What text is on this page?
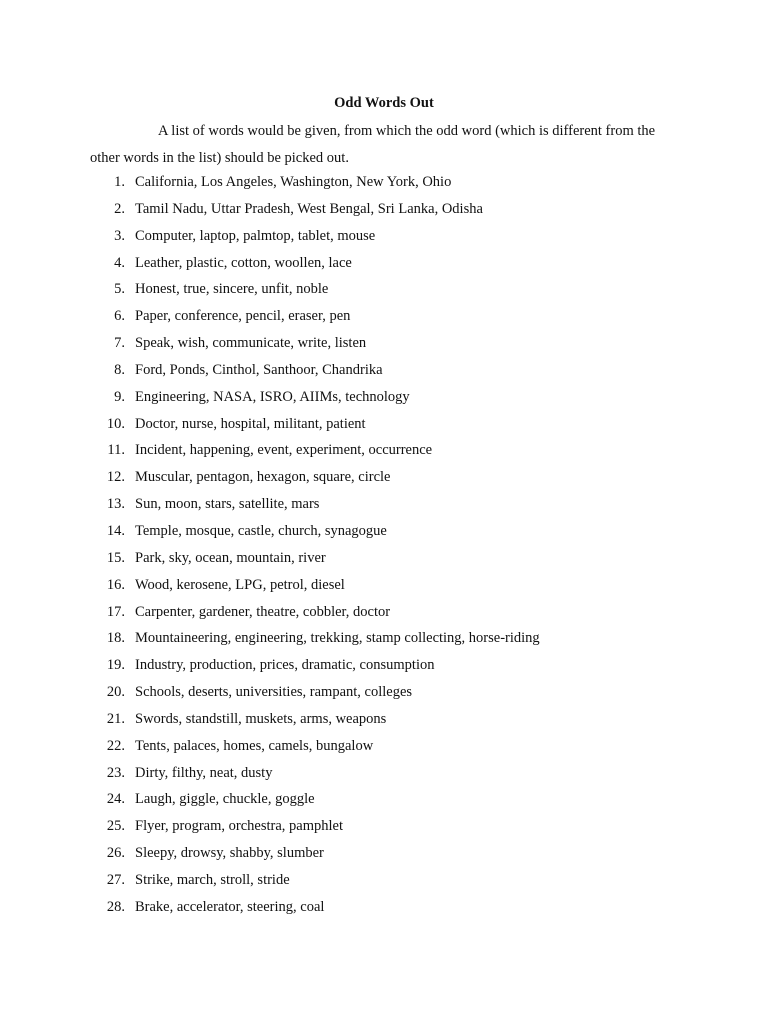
Odd Words Out

A list of words would be given, from which the odd word (which is different from the other words in the list) should be picked out.

1. California, Los Angeles, Washington, New York, Ohio
2. Tamil Nadu, Uttar Pradesh, West Bengal, Sri Lanka, Odisha
3. Computer, laptop, palmtop, tablet, mouse
4. Leather, plastic, cotton, woollen, lace
5. Honest, true, sincere, unfit, noble
6. Paper, conference, pencil, eraser, pen
7. Speak, wish, communicate, write, listen
8. Ford, Ponds, Cinthol, Santhoor, Chandrika
9. Engineering, NASA, ISRO, AIIMs, technology
10. Doctor, nurse, hospital, militant, patient
11. Incident, happening, event, experiment, occurrence
12. Muscular, pentagon, hexagon, square, circle
13. Sun, moon, stars, satellite, mars
14. Temple, mosque, castle, church, synagogue
15. Park, sky, ocean, mountain, river
16. Wood, kerosene, LPG, petrol, diesel
17. Carpenter, gardener, theatre, cobbler, doctor
18. Mountaineering, engineering, trekking, stamp collecting, horse-riding
19. Industry, production, prices, dramatic, consumption
20. Schools, deserts, universities, rampant, colleges
21. Swords, standstill, muskets, arms, weapons
22. Tents, palaces, homes, camels, bungalow
23. Dirty, filthy, neat, dusty
24. Laugh, giggle, chuckle, goggle
25. Flyer, program, orchestra, pamphlet
26. Sleepy, drowsy, shabby, slumber
27. Strike, march, stroll, stride
28. Brake, accelerator, steering, coal
